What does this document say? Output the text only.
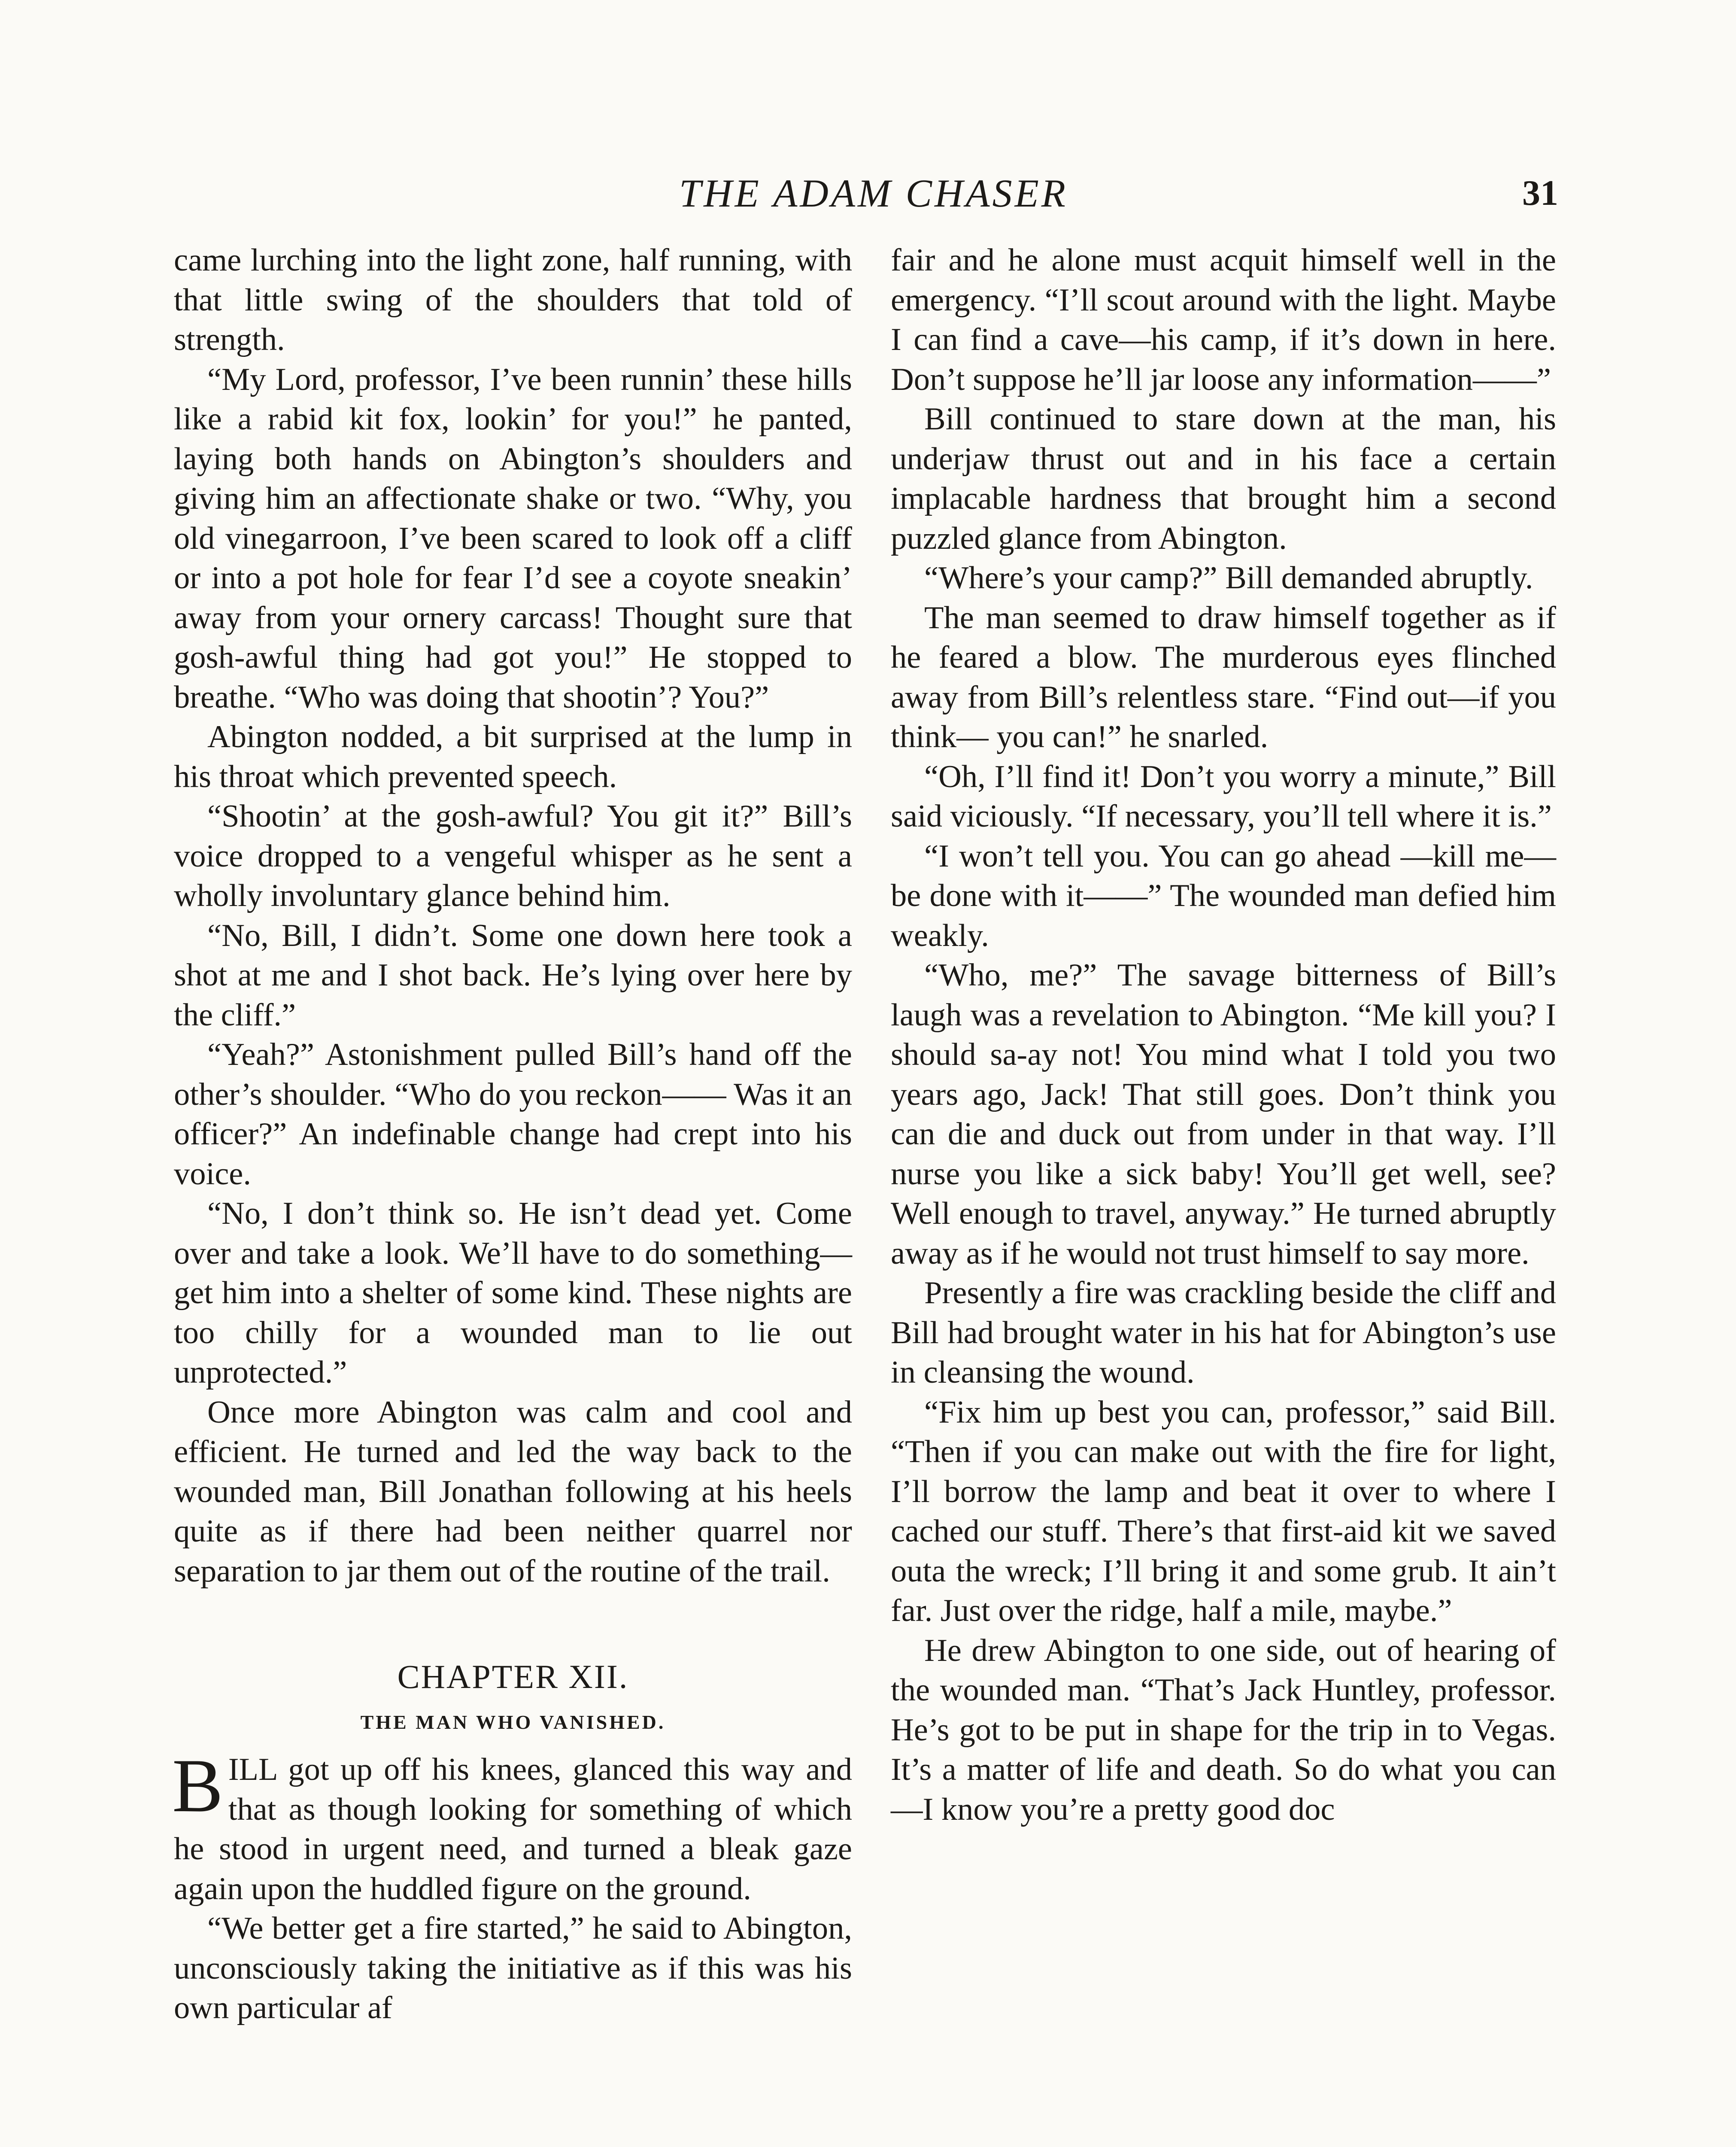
THE ADAM CHASER	31

came lurching into the light zone, half running, with that little swing of the shoulders that told of strength.

“My Lord, professor, I’ve been runnin’ these hills like a rabid kit fox, lookin’ for you!” he panted, laying both hands on Abington’s shoulders and giving him an affectionate shake or two. “Why, you old vinegarroon, I’ve been scared to look off a cliff or into a pot hole for fear I’d see a coyote sneakin’ away from your ornery carcass! Thought sure that gosh-awful thing had got you!” He stopped to breathe. “Who was doing that shootin’? You?”

Abington nodded, a bit surprised at the lump in his throat which prevented speech.

“Shootin’ at the gosh-awful? You git it?” Bill’s voice dropped to a vengeful whisper as he sent a wholly involuntary glance behind him.

“No, Bill, I didn’t. Some one down here took a shot at me and I shot back. He’s lying over here by the cliff.”

“Yeah?” Astonishment pulled Bill’s hand off the other’s shoulder. “Who do you reckon—— Was it an officer?” An indefinable change had crept into his voice.

“No, I don’t think so. He isn’t dead yet. Come over and take a look. We’ll have to do something—get him into a shelter of some kind. These nights are too chilly for a wounded man to lie out unprotected.”

Once more Abington was calm and cool and efficient. He turned and led the way back to the wounded man, Bill Jonathan following at his heels quite as if there had been neither quarrel nor separation to jar them out of the routine of the trail.

CHAPTER XII.
THE MAN WHO VANISHED.

BILL got up off his knees, glanced this way and that as though looking for something of which he stood in urgent need, and turned a bleak gaze again upon the huddled figure on the ground.

“We better get a fire started,” he said to Abington, unconsciously taking the initiative as if this was his own particular af

fair and he alone must acquit himself well in the emergency. “I’ll scout around with the light. Maybe I can find a cave—his camp, if it’s down in here. Don’t suppose he’ll jar loose any information——”

Bill continued to stare down at the man, his underjaw thrust out and in his face a certain implacable hardness that brought him a second puzzled glance from Abington.

“Where’s your camp?” Bill demanded abruptly.

The man seemed to draw himself together as if he feared a blow. The murderous eyes flinched away from Bill’s relentless stare. “Find out—if you think— you can!” he snarled.

“Oh, I’ll find it! Don’t you worry a minute,” Bill said viciously. “If necessary, you’ll tell where it is.”

“I won’t tell you. You can go ahead —kill me—be done with it——” The wounded man defied him weakly.

“Who, me?” The savage bitterness of Bill’s laugh was a revelation to Abington. “Me kill you? I should sa-ay not! You mind what I told you two years ago, Jack! That still goes. Don’t think you can die and duck out from under in that way. I’ll nurse you like a sick baby! You’ll get well, see? Well enough to travel, anyway.” He turned abruptly away as if he would not trust himself to say more.

Presently a fire was crackling beside the cliff and Bill had brought water in his hat for Abington’s use in cleansing the wound.

“Fix him up best you can, professor,” said Bill. “Then if you can make out with the fire for light, I’ll borrow the lamp and beat it over to where I cached our stuff. There’s that first-aid kit we saved outa the wreck; I’ll bring it and some grub. It ain’t far. Just over the ridge, half a mile, maybe.”

He drew Abington to one side, out of hearing of the wounded man. “That’s Jack Huntley, professor. He’s got to be put in shape for the trip in to Vegas. It’s a matter of life and death. So do what you can—I know you’re a pretty good doc
